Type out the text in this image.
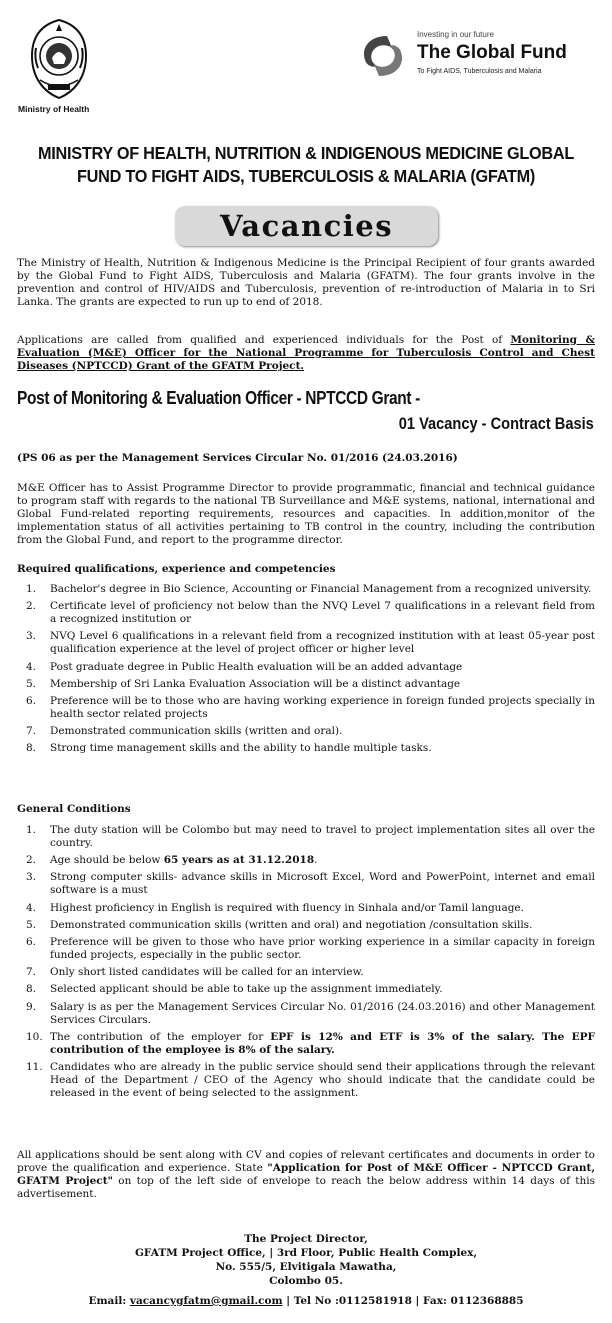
Ministry of Health
Investing in our future
The Global Fund
To Fight AIDS, Tuberculosis and Malaria
MINISTRY OF HEALTH, NUTRITION & INDIGENOUS MEDICINE GLOBAL
FUND TO FIGHT AIDS, TUBERCULOSIS & MALARIA (GFATM)
Vacancies
The Ministry of Health, Nutrition & Indigenous Medicine is the Principal Recipient of four grants awarded by the Global Fund to Fight AIDS, Tuberculosis and Malaria (GFATM). The four grants involve in the prevention and control of HIV/AIDS and Tuberculosis, prevention of re-introduction of Malaria in to Sri Lanka. The grants are expected to run up to end of 2018.
Applications are called from qualified and experienced individuals for the Post of Monitoring & Evaluation (M&E) Officer for the National Programme for Tuberculosis Control and Chest Diseases (NPTCCD) Grant of the GFATM Project.
Post of Monitoring & Evaluation Officer - NPTCCD Grant -
01 Vacancy - Contract Basis
(PS 06 as per the Management Services Circular No. 01/2016 (24.03.2016)
M&E Officer has to Assist Programme Director to provide programmatic, financial and technical guidance to program staff with regards to the national TB Surveillance and M&E systems, national, international and Global Fund-related reporting requirements, resources and capacities. In addition,monitor of the implementation status of all activities pertaining to TB control in the country, including the contribution from the Global Fund, and report to the programme director.
Required qualifications, experience and competencies
1. Bachelor's degree in Bio Science, Accounting or Financial Management from a recognized university.
2. Certificate level of proficiency not below than the NVQ Level 7 qualifications in a relevant field from a recognized institution or
3. NVQ Level 6 qualifications in a relevant field from a recognized institution with at least 05-year post qualification experience at the level of project officer or higher level
4. Post graduate degree in Public Health evaluation will be an added advantage
5. Membership of Sri Lanka Evaluation Association will be a distinct advantage
6. Preference will be to those who are having working experience in foreign funded projects specially in health sector related projects
7. Demonstrated communication skills (written and oral).
8. Strong time management skills and the ability to handle multiple tasks.
General Conditions
1. The duty station will be Colombo but may need to travel to project implementation sites all over the country.
2. Age should be below 65 years as at 31.12.2018.
3. Strong computer skills- advance skills in Microsoft Excel, Word and PowerPoint, internet and email software is a must
4. Highest proficiency in English is required with fluency in Sinhala and/or Tamil language.
5. Demonstrated communication skills (written and oral) and negotiation /consultation skills.
6. Preference will be given to those who have prior working experience in a similar capacity in foreign funded projects, especially in the public sector.
7. Only short listed candidates will be called for an interview.
8. Selected applicant should be able to take up the assignment immediately.
9. Salary is as per the Management Services Circular No. 01/2016 (24.03.2016) and other Management Services Circulars.
10. The contribution of the employer for EPF is 12% and ETF is 3% of the salary. The EPF contribution of the employee is 8% of the salary.
11. Candidates who are already in the public service should send their applications through the relevant Head of the Department / CEO of the Agency who should indicate that the candidate could be released in the event of being selected to the assignment.
All applications should be sent along with CV and copies of relevant certificates and documents in order to prove the qualification and experience. State "Application for Post of M&E Officer - NPTCCD Grant, GFATM Project" on top of the left side of envelope to reach the below address within 14 days of this advertisement.
The Project Director,
GFATM Project Office, | 3rd Floor, Public Health Complex,
No. 555/5, Elvitigala Mawatha,
Colombo 05.
Email: vacancygfatm@gmail.com | Tel No :0112581918 | Fax: 0112368885
